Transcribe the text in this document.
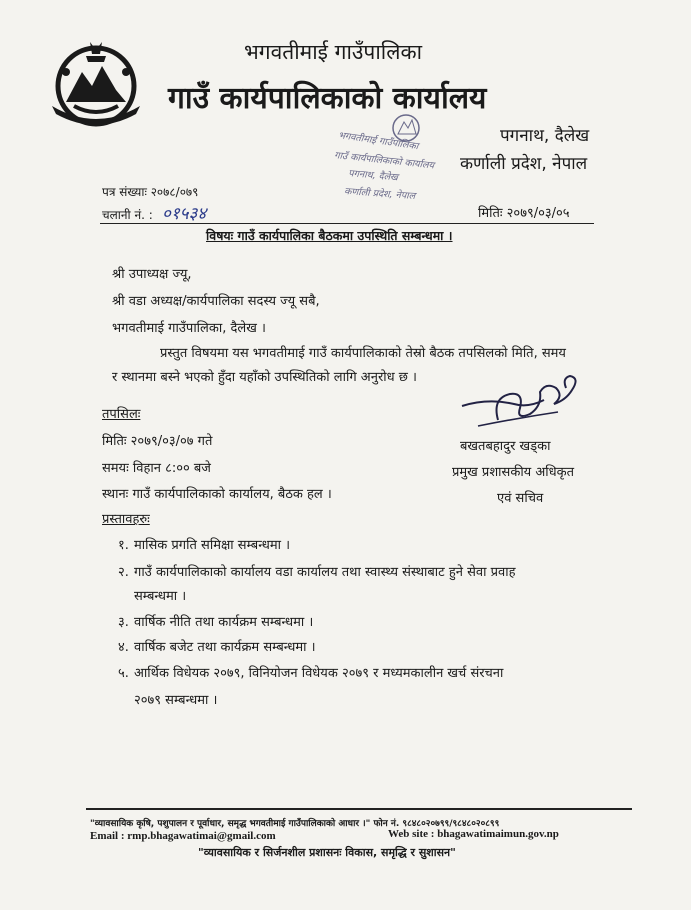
भगवतीमाई गाउँपालिका
गाउँ कार्यपालिकाको कार्यालय
पगनाथ, दैलेख
कर्णाली प्रदेश, नेपाल
भगवतीमाई गाउँपालिका
गाउँ कार्यपालिकाको कार्यालय
पगनाथ, दैलेख
कर्णाली प्रदेश, नेपाल
पत्र संख्याः २०७८/०७९
चलानी नं. : ०१५३४	मितिः २०७९/०३/०५
विषयः गाउँ कार्यपालिका बैठकमा उपस्थिति सम्बन्धमा ।
श्री उपाध्यक्ष ज्यू,
श्री वडा अध्यक्ष/कार्यपालिका सदस्य ज्यू सबै,
भगवतीमाई गाउँपालिका, दैलेख ।
प्रस्तुत विषयमा यस भगवतीमाई गाउँ कार्यपालिकाको तेस्रो बैठक तपसिलको मिति, समय
र स्थानमा बस्ने भएको हुँदा यहाँको उपस्थितिको लागि अनुरोध छ ।
बखतबहादुर खड्का
प्रमुख प्रशासकीय अधिकृत
एवं सचिव
तपसिलः
मितिः २०७९/०३/०७ गते
समयः विहान ८:०० बजे
स्थानः गाउँ कार्यपालिकाको कार्यालय, बैठक हल ।
प्रस्तावहरुः
१. मासिक प्रगति समिक्षा सम्बन्धमा ।
२. गाउँ कार्यपालिकाको कार्यालय वडा कार्यालय तथा स्वास्थ्य संस्थाबाट हुने सेवा प्रवाह
सम्बन्धमा ।
३. वार्षिक नीति तथा कार्यक्रम सम्बन्धमा ।
४. वार्षिक बजेट तथा कार्यक्रम सम्बन्धमा ।
५. आर्थिक विधेयक २०७९, विनियोजन विधेयक २०७९ र मध्यमकालीन खर्च संरचना
२०७९ सम्बन्धमा ।
"व्यावसायिक कृषि, पशुपालन र पूर्वाधार, समृद्ध भगवतीमाई गाउँपालिकाको आधार ।" फोन नं. ९८४८०२०७९९/९८४८०२०८९९
Email : rmp.bhagawatimai@gmail.com	Web site : bhagawatimaimun.gov.np
"व्यावसायिक र सिर्जनशील प्रशासनः विकास, समृद्धि र सुशासन"
